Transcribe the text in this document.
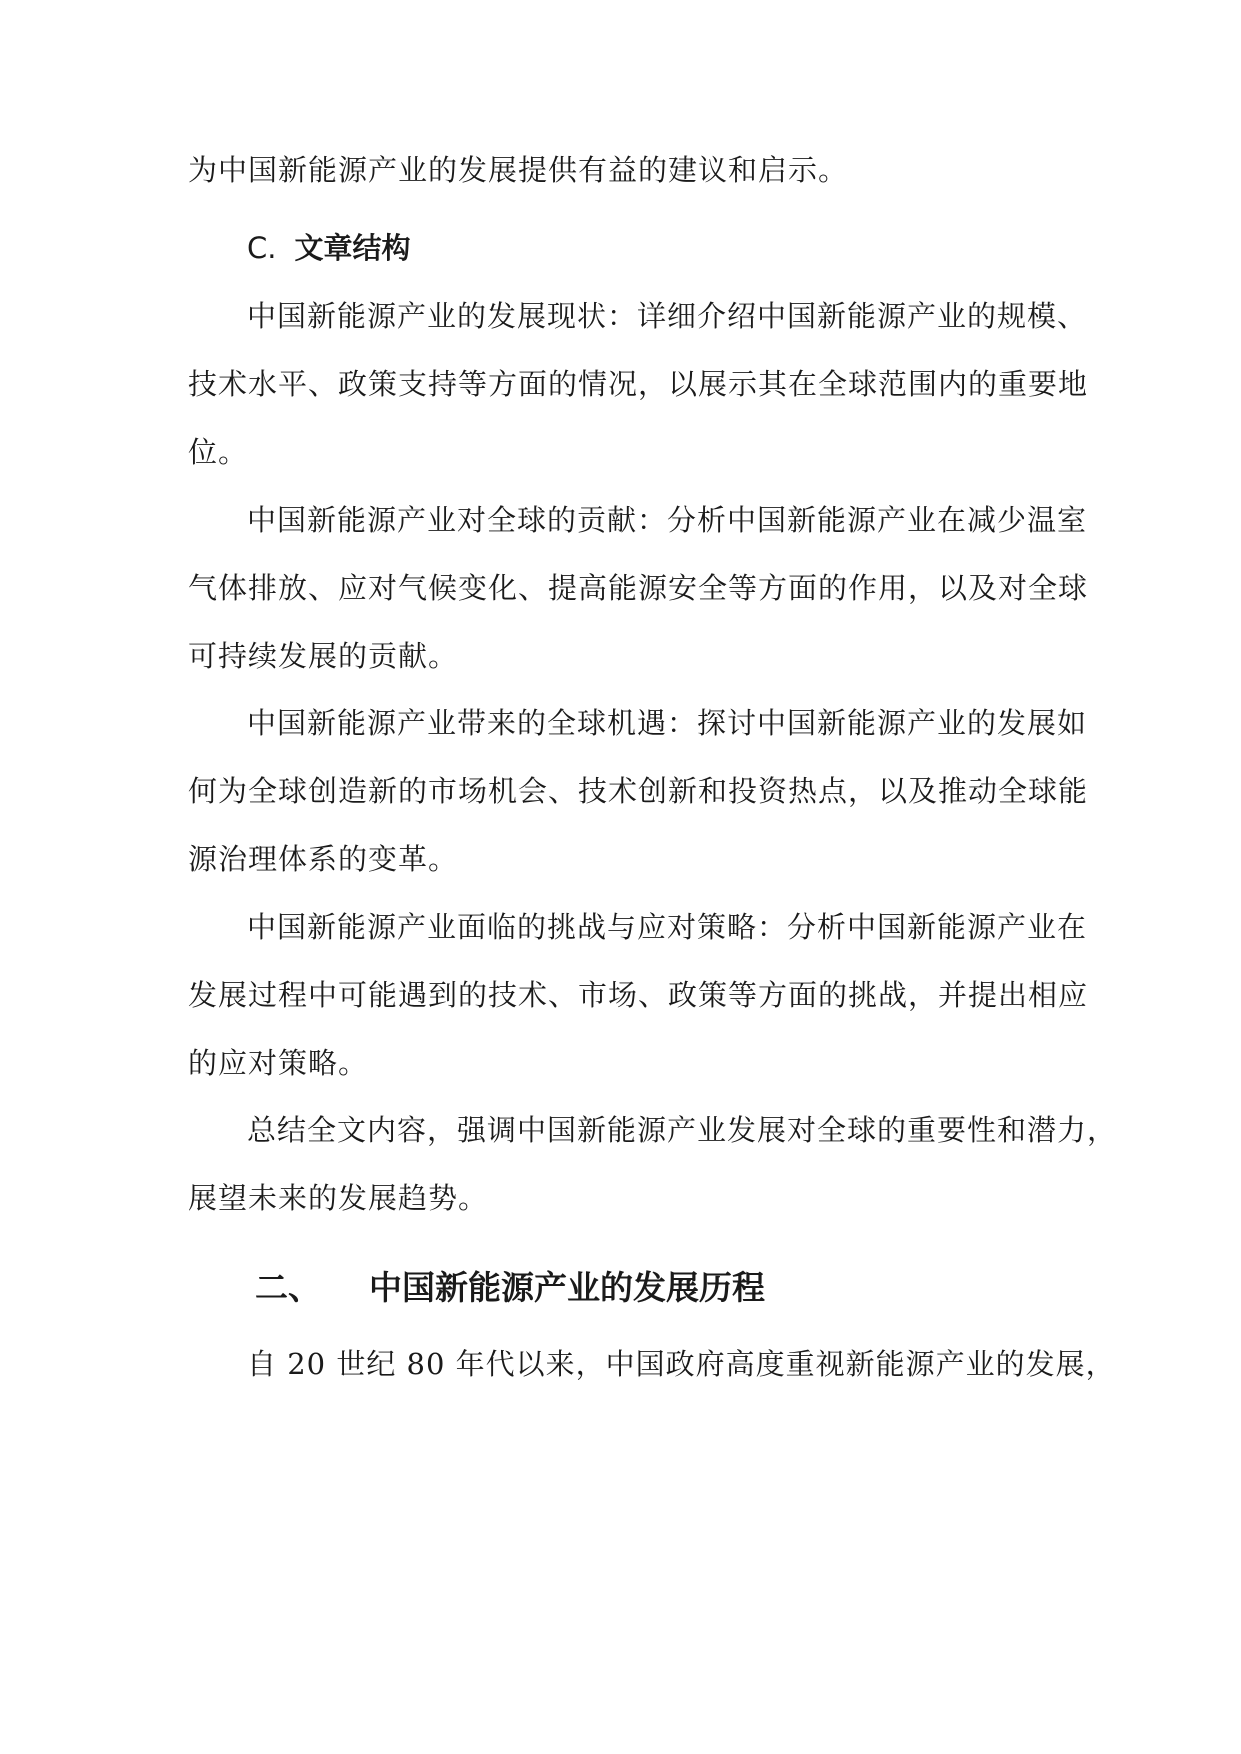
为中国新能源产业的发展提供有益的建议和启示。
C. 文章结构
中国新能源产业的发展现状：详细介绍中国新能源产业的规模、
技术水平、政策支持等方面的情况，以展示其在全球范围内的重要地
位。
中国新能源产业对全球的贡献：分析中国新能源产业在减少温室
气体排放、应对气候变化、提高能源安全等方面的作用，以及对全球
可持续发展的贡献。
中国新能源产业带来的全球机遇：探讨中国新能源产业的发展如
何为全球创造新的市场机会、技术创新和投资热点，以及推动全球能
源治理体系的变革。
中国新能源产业面临的挑战与应对策略：分析中国新能源产业在
发展过程中可能遇到的技术、市场、政策等方面的挑战，并提出相应
的应对策略。
总结全文内容，强调中国新能源产业发展对全球的重要性和潜力，
展望未来的发展趋势。
二、 中国新能源产业的发展历程
自 20 世纪 80 年代以来，中国政府高度重视新能源产业的发展，
